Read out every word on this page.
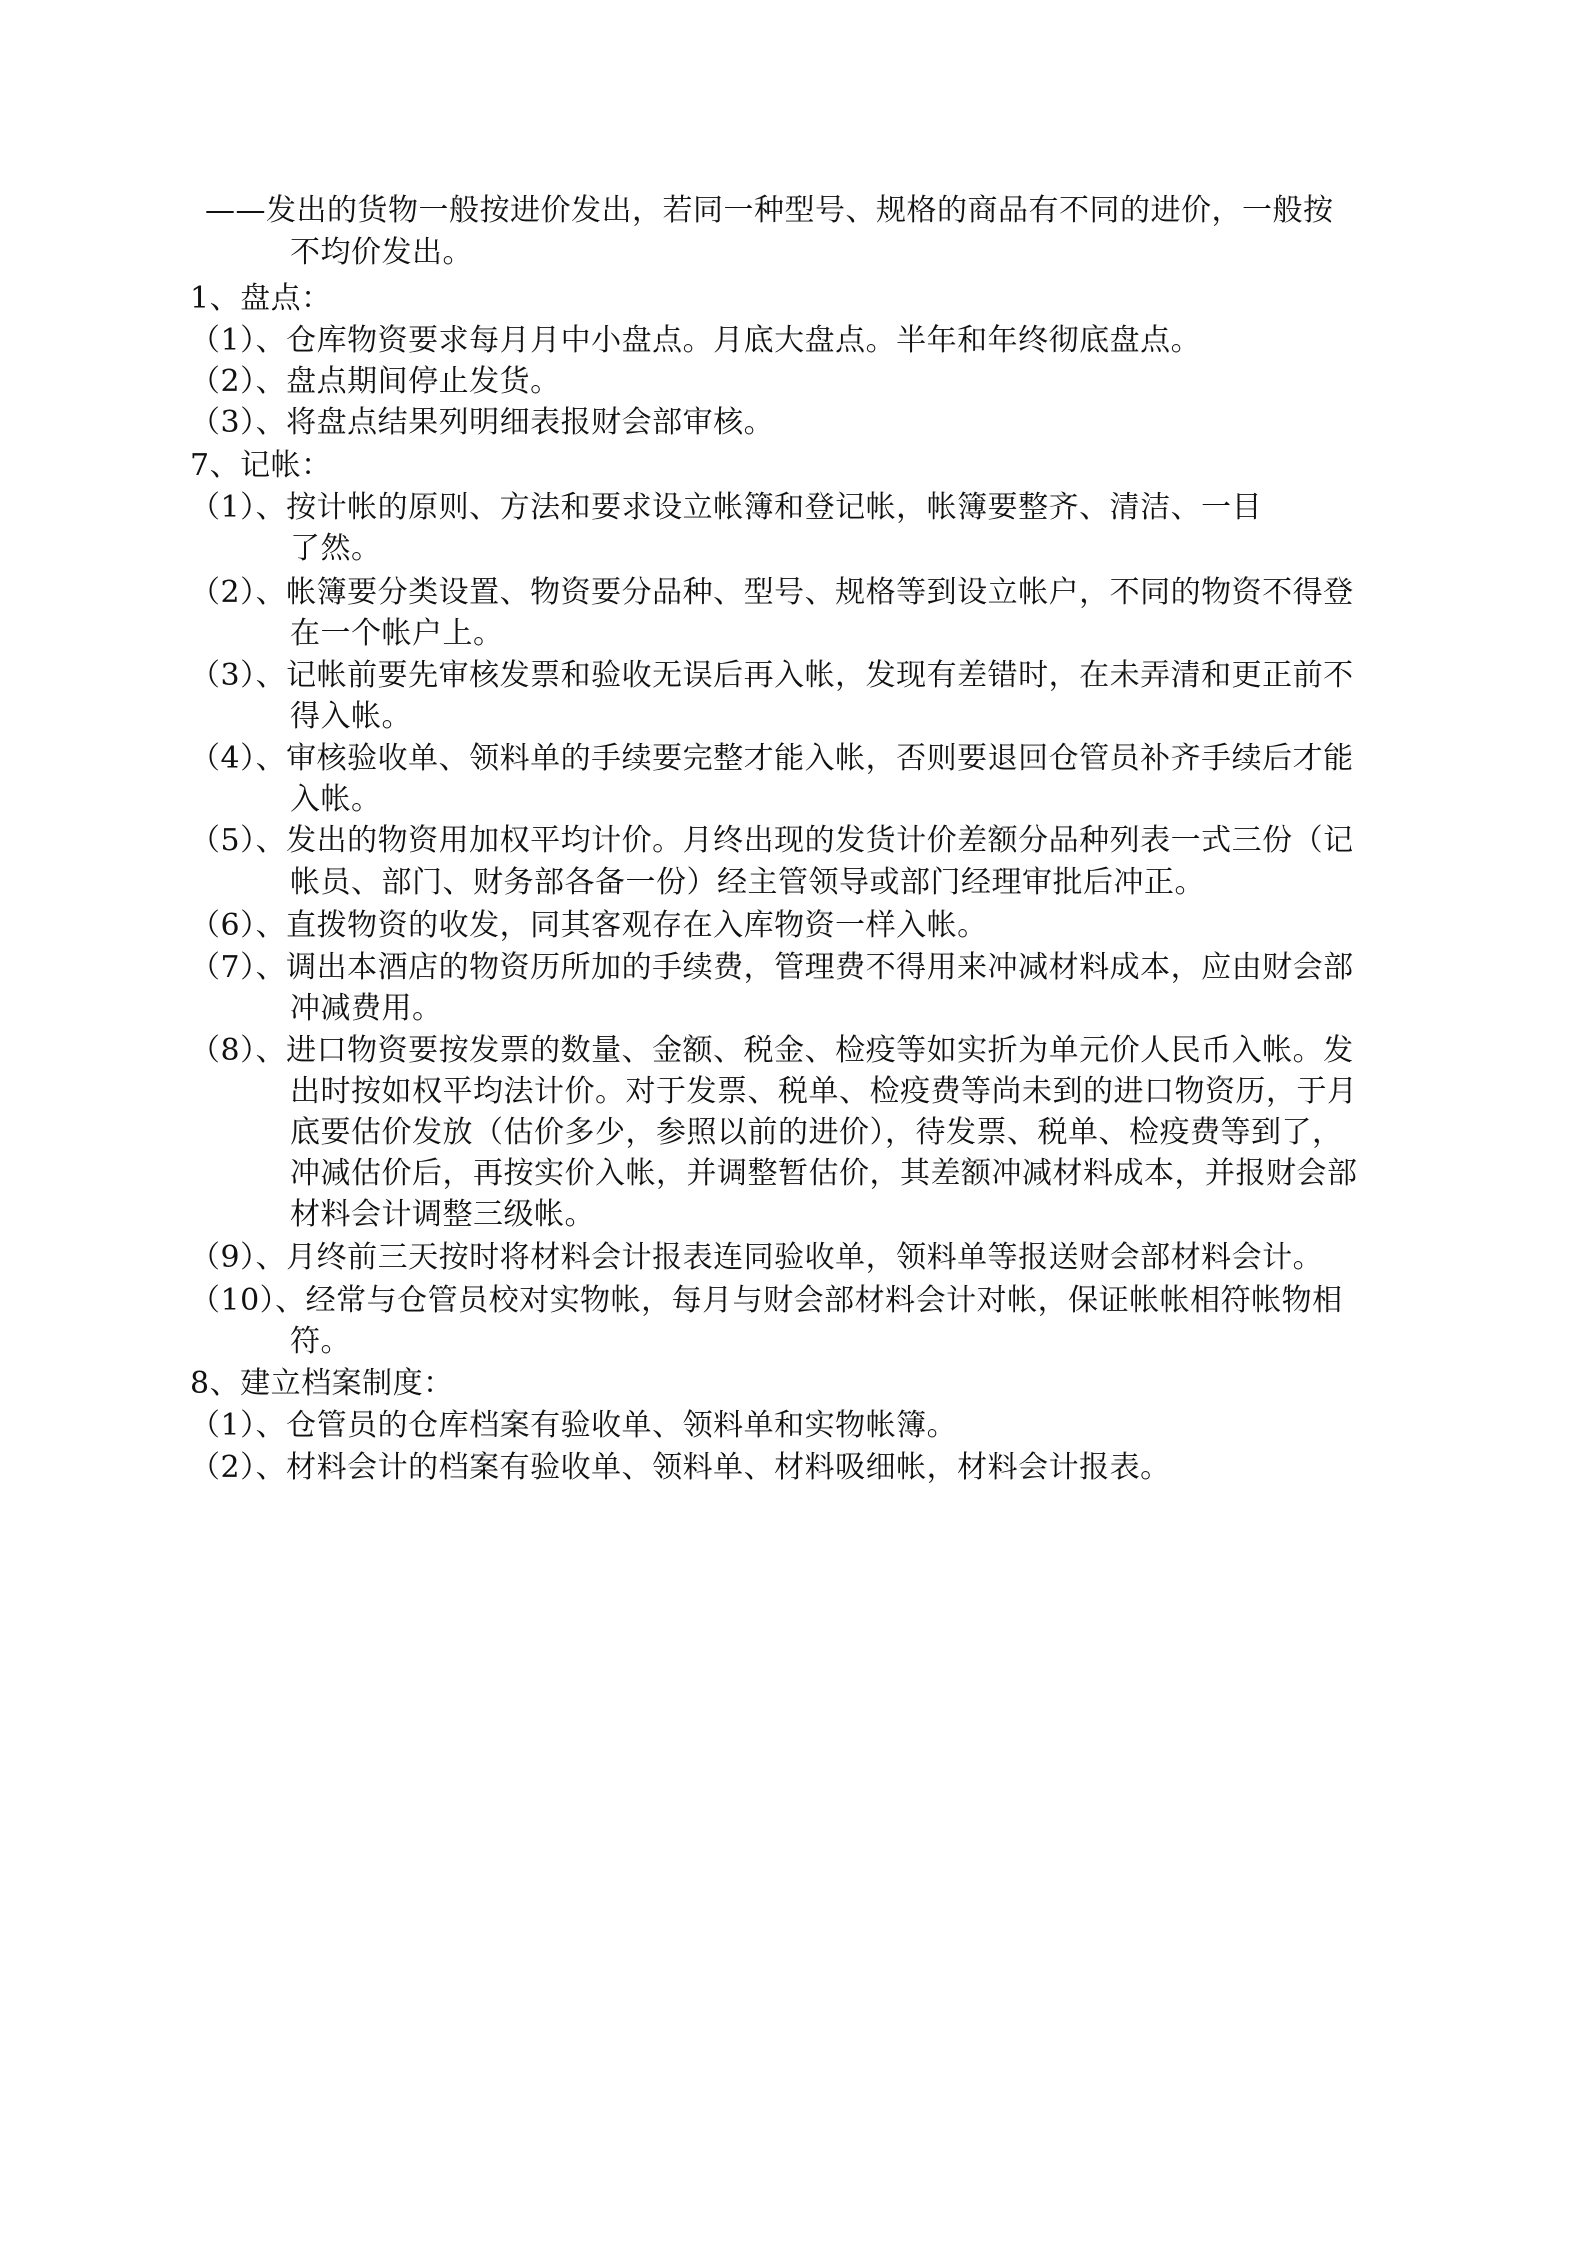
——发出的货物一般按进价发出，若同一种型号、规格的商品有不同的进价，一般按
不均价发出。
1、盘点：
（1）、仓库物资要求每月月中小盘点。月底大盘点。半年和年终彻底盘点。
（2）、盘点期间停止发货。
（3）、将盘点结果列明细表报财会部审核。
7、记帐：
（1）、按计帐的原则、方法和要求设立帐簿和登记帐，帐簿要整齐、清洁、一目
了然。
（2）、帐簿要分类设置、物资要分品种、型号、规格等到设立帐户，不同的物资不得登
在一个帐户上。
（3）、记帐前要先审核发票和验收无误后再入帐，发现有差错时，在未弄清和更正前不
得入帐。
（4）、审核验收单、领料单的手续要完整才能入帐，否则要退回仓管员补齐手续后才能
入帐。
（5）、发出的物资用加权平均计价。月终出现的发货计价差额分品种列表一式三份（记
帐员、部门、财务部各备一份）经主管领导或部门经理审批后冲正。
（6）、直拨物资的收发，同其客观存在入库物资一样入帐。
（7）、调出本酒店的物资历所加的手续费，管理费不得用来冲减材料成本，应由财会部
冲减费用。
（8）、进口物资要按发票的数量、金额、税金、检疫等如实折为单元价人民币入帐。发
出时按如权平均法计价。对于发票、税单、检疫费等尚未到的进口物资历，于月
底要估价发放（估价多少，参照以前的进价），待发票、税单、检疫费等到了，
冲减估价后，再按实价入帐，并调整暂估价，其差额冲减材料成本，并报财会部
材料会计调整三级帐。
（9）、月终前三天按时将材料会计报表连同验收单，领料单等报送财会部材料会计。
（10）、经常与仓管员校对实物帐，每月与财会部材料会计对帐，保证帐帐相符帐物相
符。
8、建立档案制度：
（1）、仓管员的仓库档案有验收单、领料单和实物帐簿。
（2）、材料会计的档案有验收单、领料单、材料吸细帐，材料会计报表。
